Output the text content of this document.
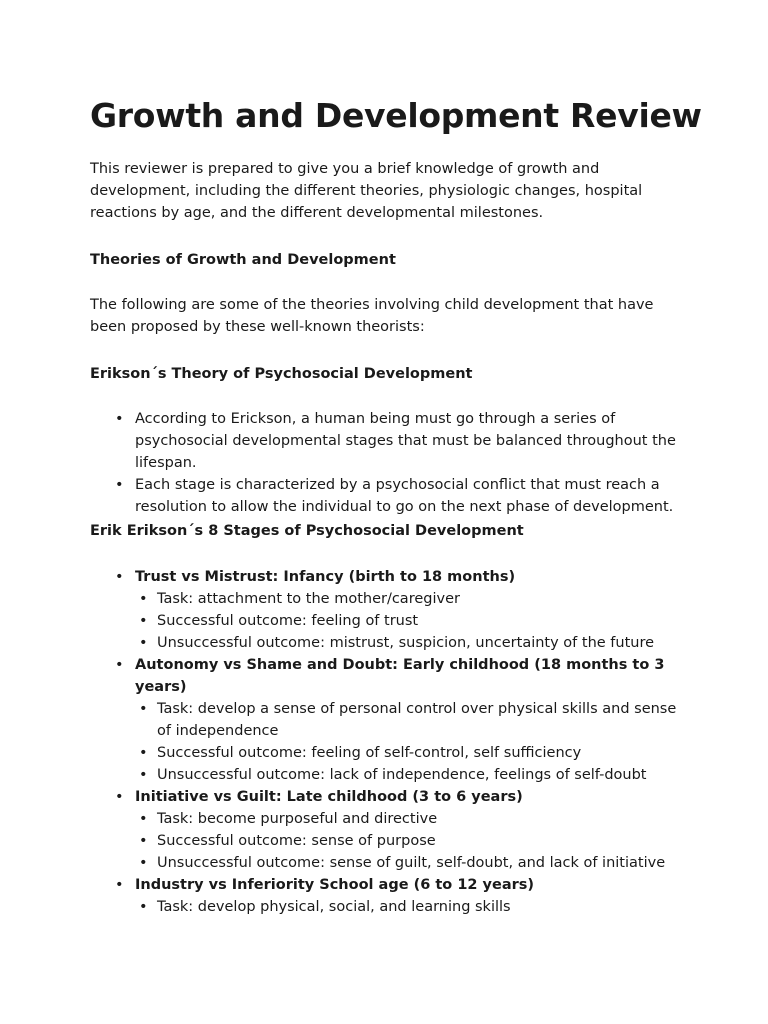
Growth and Development Review

This reviewer is prepared to give you a brief knowledge of growth and development, including the different theories, physiologic changes, hospital reactions by age, and the different developmental milestones.

Theories of Growth and Development

The following are some of the theories involving child development that have been proposed by these well-known theorists:

Erikson´s Theory of Psychosocial Development

• According to Erickson, a human being must go through a series of psychosocial developmental stages that must be balanced throughout the lifespan.
• Each stage is characterized by a psychosocial conflict that must reach a resolution to allow the individual to go on the next phase of development.

Erik Erikson´s 8 Stages of Psychosocial Development

• Trust vs Mistrust: Infancy (birth to 18 months)
• Task: attachment to the mother/caregiver
• Successful outcome: feeling of trust
• Unsuccessful outcome: mistrust, suspicion, uncertainty of the future
• Autonomy vs Shame and Doubt: Early childhood (18 months to 3 years)
• Task: develop a sense of personal control over physical skills and sense of independence
• Successful outcome: feeling of self-control, self sufficiency
• Unsuccessful outcome: lack of independence, feelings of self-doubt
• Initiative vs Guilt: Late childhood (3 to 6 years)
• Task: become purposeful and directive
• Successful outcome: sense of purpose
• Unsuccessful outcome: sense of guilt, self-doubt, and lack of initiative
• Industry vs Inferiority School age (6 to 12 years)
• Task: develop physical, social, and learning skills
